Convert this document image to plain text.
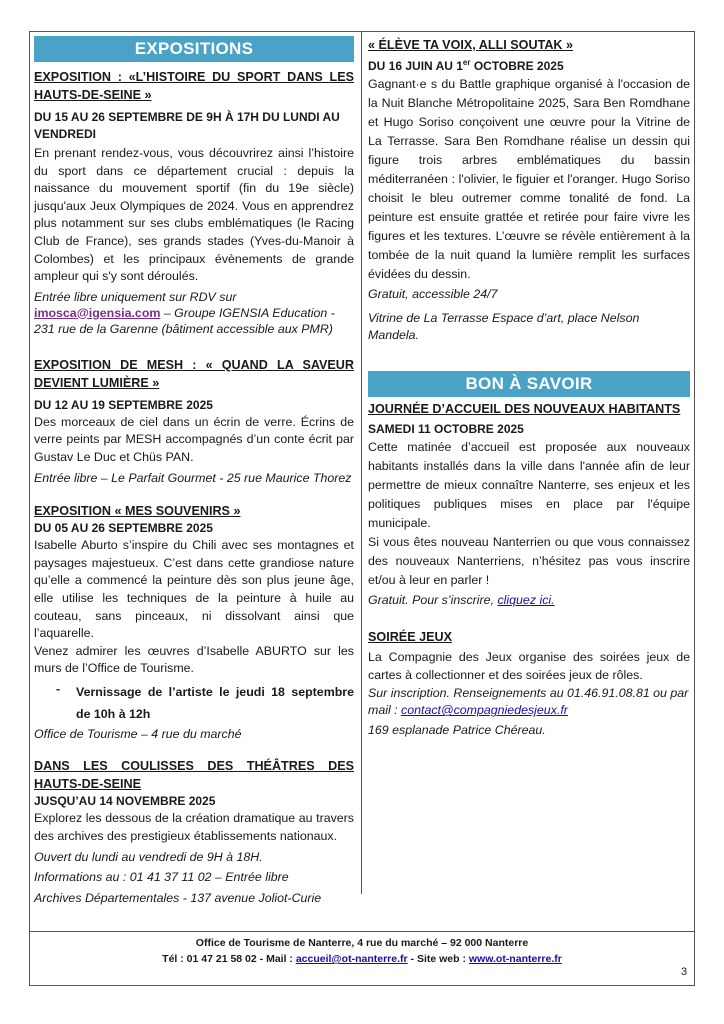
EXPOSITIONS
EXPOSITION : «L’HISTOIRE DU SPORT DANS LES HAUTS-DE-SEINE »
DU 15 AU 26 SEPTEMBRE DE 9H À 17H DU LUNDI AU VENDREDI
En prenant rendez-vous, vous découvrirez ainsi l’histoire du sport dans ce département crucial : depuis la naissance du mouvement sportif (fin du 19e siècle) jusqu'aux Jeux Olympiques de 2024. Vous en apprendrez plus notamment sur ses clubs emblématiques (le Racing Club de France), ses grands stades (Yves-du-Manoir à Colombes) et les principaux évènements de grande ampleur qui s'y sont déroulés.
Entrée libre uniquement sur RDV sur imosca@igensia.com – Groupe IGENSIA Education - 231 rue de la Garenne (bâtiment accessible aux PMR)
EXPOSITION DE MESH : « QUAND LA SAVEUR DEVIENT LUMIÈRE »
DU 12 AU 19 SEPTEMBRE 2025
Des morceaux de ciel dans un écrin de verre. Écrins de verre peints par MESH accompagnés d’un conte écrit par Gustav Le Duc et Chüs PAN.
Entrée libre – Le Parfait Gourmet - 25 rue Maurice Thorez
EXPOSITION « MES SOUVENIRS »
DU 05 AU 26 SEPTEMBRE 2025
Isabelle Aburto s’inspire du Chili avec ses montagnes et paysages majestueux. C’est dans cette grandiose nature qu’elle a commencé la peinture dès son plus jeune âge, elle utilise les techniques de la peinture à huile au couteau, sans pinceaux, ni dissolvant ainsi que l’aquarelle.
Venez admirer les œuvres d’Isabelle ABURTO sur les murs de l’Office de Tourisme.
-	Vernissage de l’artiste le jeudi 18 septembre de 10h à 12h
Office de Tourisme – 4 rue du marché
DANS LES COULISSES DES THÉÂTRES DES HAUTS-DE-SEINE
JUSQU’AU 14 NOVEMBRE 2025
Explorez les dessous de la création dramatique au travers des archives des prestigieux établissements nationaux.
Ouvert du lundi au vendredi de 9H à 18H.
Informations au : 01 41 37 11 02 – Entrée libre
Archives Départementales - 137 avenue Joliot-Curie
« ÉLÈVE TA VOIX, ALLI SOUTAK »
DU 16 JUIN AU 1er OCTOBRE 2025
Gagnant·e s du Battle graphique organisé à l'occasion de la Nuit Blanche Métropolitaine 2025, Sara Ben Romdhane et Hugo Soriso conçoivent une œuvre pour la Vitrine de La Terrasse. Sara Ben Romdhane réalise un dessin qui figure trois arbres emblématiques du bassin méditerranéen : l'olivier, le figuier et l'oranger. Hugo Soriso choisit le bleu outremer comme tonalité de fond. La peinture est ensuite grattée et retirée pour faire vivre les figures et les textures. L’œuvre se révèle entièrement à la tombée de la nuit quand la lumière remplit les surfaces évidées du dessin.
Gratuit, accessible 24/7
Vitrine de La Terrasse Espace d’art, place Nelson Mandela.
BON À SAVOIR
JOURNÉE D’ACCUEIL DES NOUVEAUX HABITANTS
SAMEDI 11 OCTOBRE 2025
Cette matinée d’accueil est proposée aux nouveaux habitants installés dans la ville dans l'année afin de leur permettre de mieux connaître Nanterre, ses enjeux et les politiques publiques mises en place par l'équipe municipale.
Si vous êtes nouveau Nanterrien ou que vous connaissez des nouveaux Nanterriens, n’hésitez pas vous inscrire et/ou à leur en parler !
Gratuit. Pour s’inscrire, cliquez ici.
SOIRÉE JEUX
La Compagnie des Jeux organise des soirées jeux de cartes à collectionner et des soirées jeux de rôles.
Sur inscription. Renseignements au 01.46.91.08.81 ou par mail : contact@compagniedesjeux.fr
169 esplanade Patrice Chéreau.
Office de Tourisme de Nanterre, 4 rue du marché – 92 000 Nanterre
Tél : 01 47 21 58 02 - Mail : accueil@ot-nanterre.fr - Site web : www.ot-nanterre.fr
3
